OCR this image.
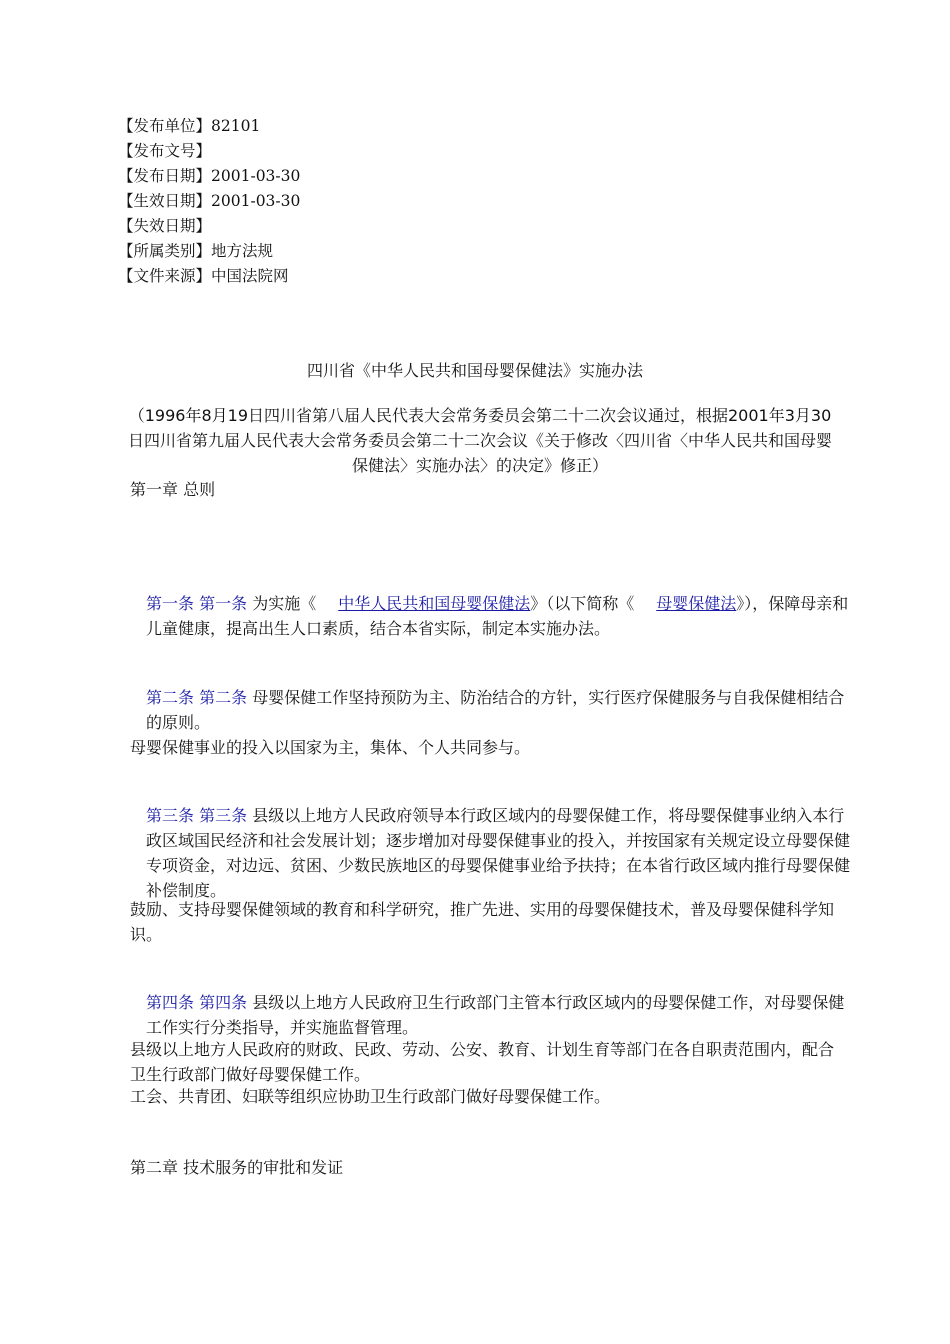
【发布单位】82101
【发布文号】
【发布日期】2001-03-30
【生效日期】2001-03-30
【失效日期】
【所属类别】地方法规
【文件来源】中国法院网
四川省《中华人民共和国母婴保健法》实施办法
（1996年8月19日四川省第八届人民代表大会常务委员会第二十二次会议通过，根据2001年3月30日四川省第九届人民代表大会常务委员会第二十二次会议《关于修改〈四川省〈中华人民共和国母婴保健法〉实施办法〉的决定》修正）
第一章 总则
第一条 第一条 为实施《 中华人民共和国母婴保健法》（以下简称《 母婴保健法》），保障母亲和儿童健康，提高出生人口素质，结合本省实际，制定本实施办法。
第二条 第二条 母婴保健工作坚持预防为主、防治结合的方针，实行医疗保健服务与自我保健相结合的原则。
母婴保健事业的投入以国家为主，集体、个人共同参与。
第三条 第三条 县级以上地方人民政府领导本行政区域内的母婴保健工作，将母婴保健事业纳入本行政区域国民经济和社会发展计划；逐步增加对母婴保健事业的投入，并按国家有关规定设立母婴保健专项资金，对边远、贫困、少数民族地区的母婴保健事业给予扶持；在本省行政区域内推行母婴保健补偿制度。
鼓励、支持母婴保健领域的教育和科学研究，推广先进、实用的母婴保健技术，普及母婴保健科学知识。
第四条 第四条 县级以上地方人民政府卫生行政部门主管本行政区域内的母婴保健工作，对母婴保健工作实行分类指导，并实施监督管理。
县级以上地方人民政府的财政、民政、劳动、公安、教育、计划生育等部门在各自职责范围内，配合卫生行政部门做好母婴保健工作。
工会、共青团、妇联等组织应协助卫生行政部门做好母婴保健工作。
第二章 技术服务的审批和发证
